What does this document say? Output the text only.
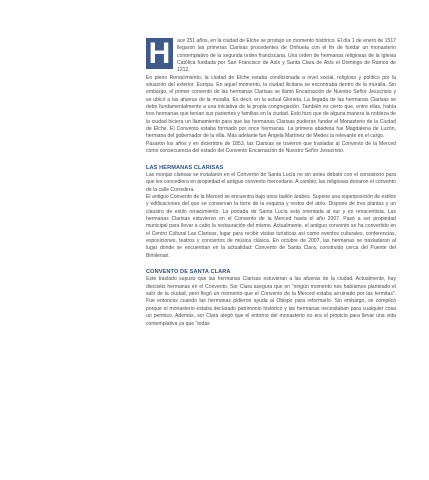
H	ace 251 años, en la ciudad de Elche se produjo un momento histórico. El día 1 de enero de 1517 llegaron las primeras Clarisas procedentes de Orihuela con el fin de fundar un monasterio contemplativo de la segunda orden franciscana. Una orden de hermanas religiosas de la Iglesia Católica fundada por San Francisco de Asís y Santa Clara de Asís el Domingo de Ramos de 1212.

En pleno Renacimiento, la ciudad de Elche estaba condicionada a nivel social, religioso y político por la situación del exterior, Europa. En aquel momento, la ciudad ilicitana se encontraba dentro de la muralla. Sin embargo, el primer convento de las hermanas Clarisas se llamó Encarnación de Nuestro Señor Jesucristo y se ubicó a las afueras de la muralla. Es decir, en la actual Glorieta. La llegada de las hermanas Clarisas se debe fundamentalmente a una iniciativa de la propia congregación. También es cierto que, entre ellas, había tres hermanas que tenían sus parientes y familias en la ciudad. Esto hizo que de alguna manera la nobleza de la ciudad hiciera un llamamiento para que las hermanas Clarisas pudieran fundar el Monasterio de la Ciudad de Elche. El Convento estaba formado por once hermanas. La primera abadesa fue Magdalena de Luzón, hermana del gobernador de la villa. Más adelante fue Ángela Martínez de Medes la relevante en el cargo.

Pasaron los años y en diciembre de 1853, las Clarisas se tuvieron que trasladar al Convento de la Merced como consecuencia del estado del Convento Encarnación de Nuestro Señor Jesucristo.

LAS HERMANAS CLARISAS

Las monjas clarisas se instalaron en el Convento de Santa Lucía no sin antes debatir con el consistorio para que les concediera en propiedad el antiguo convento mercedario. A cambio, las religiosas donaron el convento de la calle Corredera.

El antiguo Convento de la Merced se encuentra bajo unos bailón árabes. Supone una superposición de estilos y edificaciones del que se conservan la torre de la esquina y restos del atrio. Dispone de tres plantas y un claustro de estilo renacimiento. La portada de Santa Lucía está orientada al sur y es renacentista. Las hermanas Clarisas estuvieron en el Convento de la Merced hasta el año 2007. Pasó a ser propiedad municipal para llevar a cabo la restauración del mismo. Actualmente, el antiguo convento se ha convertido en el Centro Cultural Las Clarisas, lugar para recibir visitas turísticas así como eventos culturales, conferencias, exposiciones, teatros y conciertos de música clásica. En octubre de 2007, las hermanas se trasladaron al lugar donde se encuentran en la actualidad: Convento de Santa Clara, construido cerca del Puente del Bimilenari.

CONVENTO DE SANTA CLARA

Este traslado supuso que las hermanas Clarisas estuvieran a las afueras de la ciudad. Actualmente, hay dieciséis hermanas en el Convento. Sor Clara asegura que en “ningún momento nos habíamos planteado el salir de la ciudad, pero llegó un momento que el Convento de la Merced estaba arruinado por las termitas”. Fue entonces cuando las hermanas pidieron ayuda al Obispo para reformarlo. Sin embargo, se complicó porque el monasterio estaba declarado patrimonio histórico y las hermanas necesitaban para cualquier cosa un permiso. Además, sor Clara alegó que el entorno del monasterio no era el propicio para llevar una vida contemplativa ya que “todas
